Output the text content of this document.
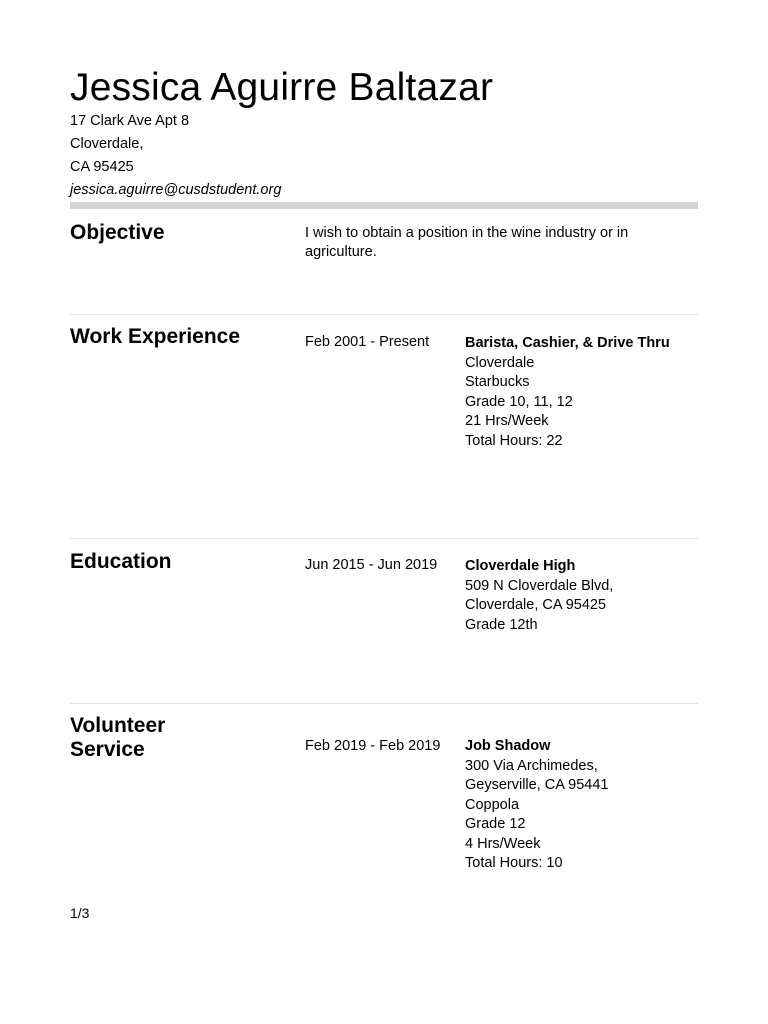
Jessica Aguirre Baltazar
17 Clark Ave Apt 8
Cloverdale,
CA 95425
jessica.aguirre@cusdstudent.org
Objective	I wish to obtain a position in the wine industry or in agriculture.
Work Experience	Feb 2001 - Present Barista, Cashier, & Drive Thru
Cloverdale
Starbucks
Grade 10, 11, 12
21 Hrs/Week
Total Hours: 22
Education	Jun 2015 - Jun 2019 Cloverdale High
509 N Cloverdale Blvd,
Cloverdale, CA 95425
Grade 12th
Volunteer
Service	Feb 2019 - Feb 2019 Job Shadow
300 Via Archimedes,
Geyserville, CA 95441
Coppola
Grade 12
4 Hrs/Week
Total Hours: 10
1/3
